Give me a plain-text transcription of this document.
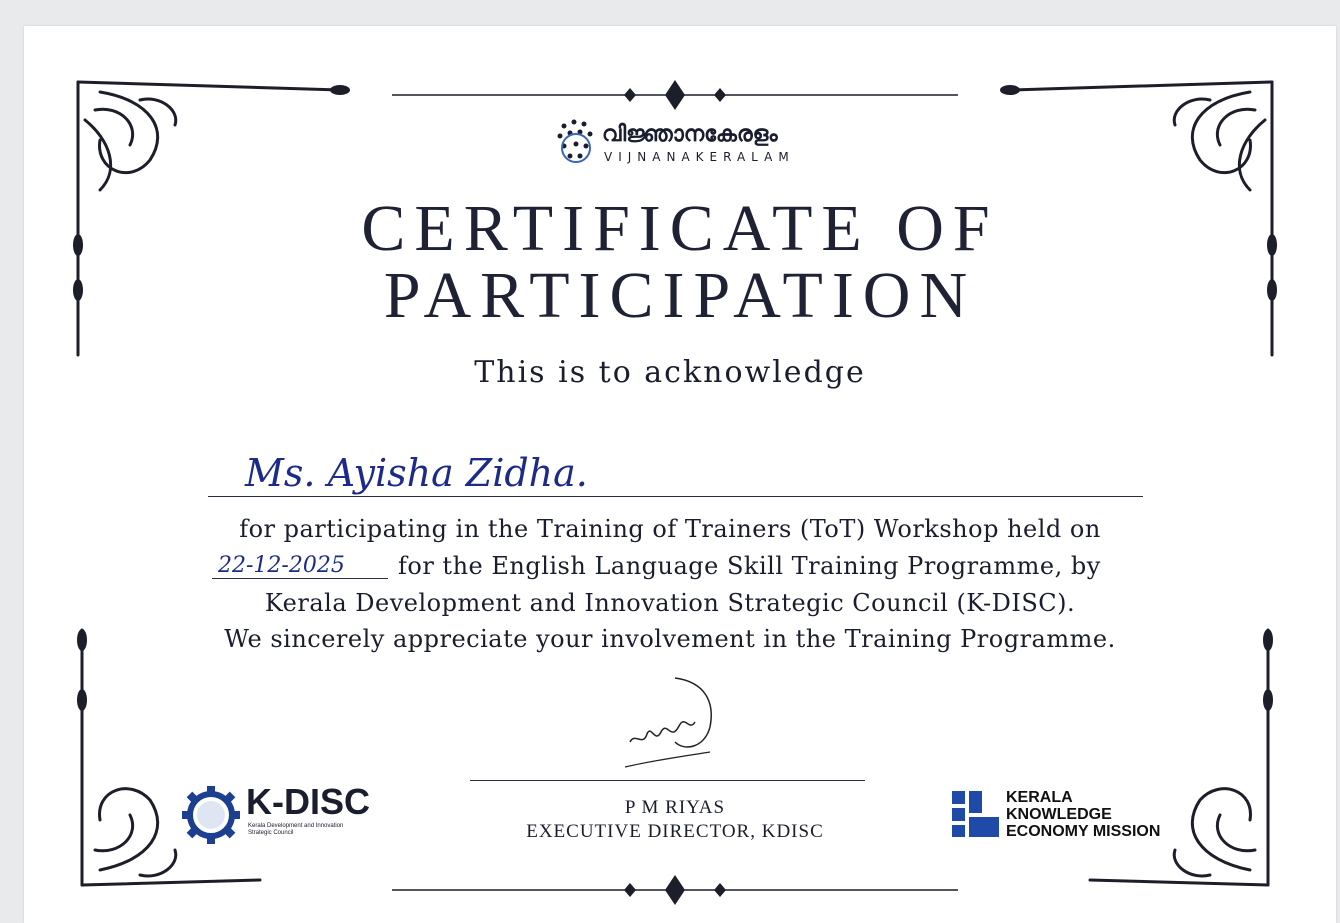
വിജ്ഞാനകേരളം
VIJNANAKERALAM
CERTIFICATE OF
PARTICIPATION
This is to acknowledge
Ms. Ayisha Zidha.
for participating in the Training of Trainers (ToT) Workshop held on
22-12-2025	for the English Language Skill Training Programme, by
Kerala Development and Innovation Strategic Council (K-DISC).
We sincerely appreciate your involvement in the Training Programme.
P M RIYAS
EXECUTIVE DIRECTOR, KDISC
K-DISC
Kerala Development and Innovation
Strategic Council
KERALA
KNOWLEDGE
ECONOMY MISSION
